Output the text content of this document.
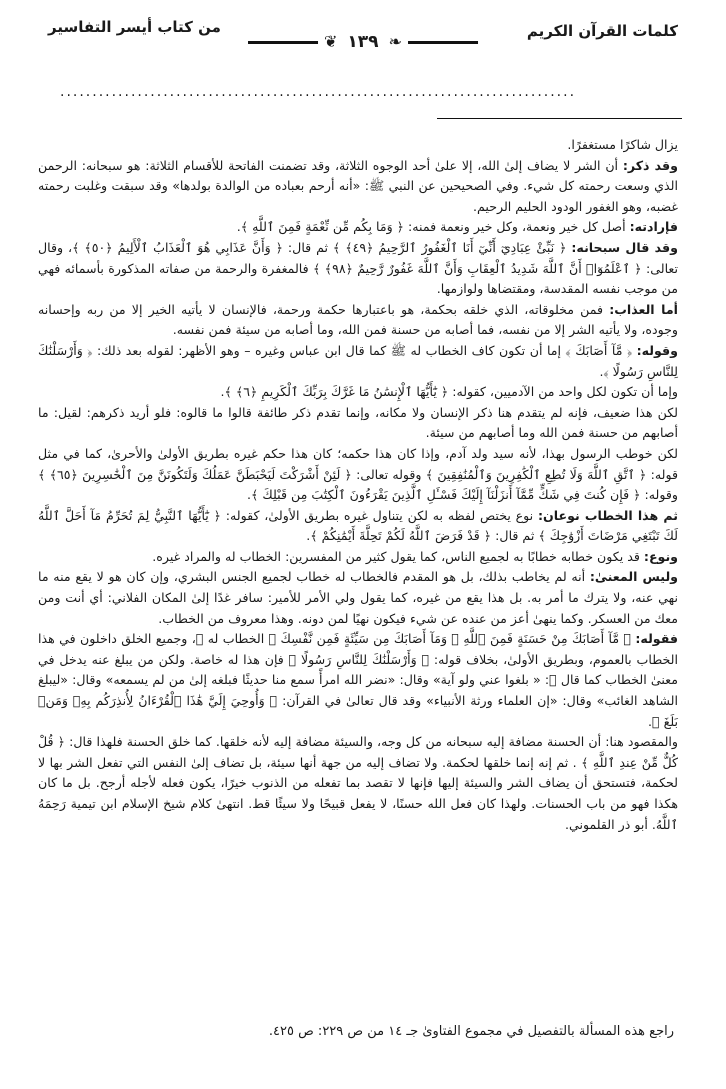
كلمات القرآن الكريم
❦ ١٣٩ ❧
من كتاب أيسر التفاسير
................................................................................

يزال شاكرًا مستغفرًا.

وقد ذكر: أن الشر لا يضاف إلىٰ الله، إلا علىٰ أحد الوجوه الثلاثة، وقد تضمنت الفاتحة للأقسام الثلاثة: هو سبحانه: الرحمن الذي وسعت رحمته كل شيء. وفي الصحيحين عن النبي ﷺ: «أنه أرحم بعباده من الوالدة بولدها» وقد سبقت وغلبت رحمته غضبه، وهو الغفور الودود الحليم الرحيم.

فإرادته: أصل كل خير ونعمة، وكل خير ونعمة فمنه: ﴿ وَمَا بِكُم مِّن نِّعْمَةٍ فَمِنَ ٱللَّهِ ﴾.

وقد قال سبحانه: ﴿ نَبِّئْ عِبَادِيٓ أَنِّيٓ أَنَا ٱلْغَفُورُ ٱلرَّحِيمُ ﴿٤٩﴾ ﴾ ثم قال: ﴿ وَأَنَّ عَذَابِي هُوَ ٱلْعَذَابُ ٱلْأَلِيمُ ﴿٥٠﴾ ﴾، وقال تعالى: ﴿ ٱعْلَمُوٓا۟ أَنَّ ٱللَّهَ شَدِيدُ ٱلْعِقَابِ وَأَنَّ ٱللَّهَ غَفُورٌ رَّحِيمٌ ﴿٩٨﴾ ﴾ فالمغفرة والرحمة من صفاته المذكورة بأسمائه فهي من موجب نفسه المقدسة، ومقتضاها ولوازمها.

أما العذاب: فمن مخلوقاته، الذي خلقه بحكمة، هو باعتبارها حكمة ورحمة، فالإنسان لا يأتيه الخير إلا من ربه وإحسانه وجوده، ولا يأتيه الشر إلا من نفسه، فما أصابه من حسنة فمن الله، وما أصابه من سيئة فمن نفسه.

وقوله: ﴿ مَّآ أَصَابَكَ ﴾ إما أن تكون كاف الخطاب له ﷺ كما قال ابن عباس وغيره – وهو الأظهر: لقوله بعد ذلك: ﴿ وَأَرْسَلْنَٰكَ لِلنَّاسِ رَسُولًا ﴾.

وإما أن تكون لكل واحد من الآدميين، كقوله: ﴿ يَٰٓأَيُّهَا ٱلْإِنسَٰنُ مَا غَرَّكَ بِرَبِّكَ ٱلْكَرِيمِ ﴿٦﴾ ﴾.

لكن هذا ضعيف، فإنه لم يتقدم هنا ذكر الإنسان ولا مكانه، وإنما تقدم ذكر طائفة قالوا ما قالوه: فلو أريد ذكرهم: لقيل: ما أصابهم من حسنة فمن الله وما أصابهم من سيئة.

لكن خوطب الرسول بهذا، لأنه سيد ولد آدم، وإذا كان هذا حكمه؛ كان هذا حكم غيره بطريق الأولىٰ والأحرىٰ، كما في مثل قوله: ﴿ ٱتَّقِ ٱللَّهَ وَلَا تُطِعِ ٱلْكَٰفِرِينَ وَٱلْمُنَٰفِقِينَ ﴾ وقوله تعالى: ﴿ لَئِنْ أَشْرَكْتَ لَيَحْبَطَنَّ عَمَلُكَ وَلَتَكُونَنَّ مِنَ ٱلْخَٰسِرِينَ ﴿٦٥﴾ ﴾ وقوله: ﴿ فَإِن كُنتَ فِي شَكٍّ مِّمَّآ أَنزَلْنَآ إِلَيْكَ فَسْـَٔلِ ٱلَّذِينَ يَقْرَءُونَ ٱلْكِتَٰبَ مِن قَبْلِكَ ﴾.

ثم هذا الخطاب نوعان: نوع يختص لفظه به لكن يتناول غيره بطريق الأولىٰ، كقوله: ﴿ يَٰٓأَيُّهَا ٱلنَّبِيُّ لِمَ تُحَرِّمُ مَآ أَحَلَّ ٱللَّهُ لَكَ تَبْتَغِي مَرْضَاتَ أَزْوَٰجِكَ ﴾ ثم قال: ﴿ قَدْ فَرَضَ ٱللَّهُ لَكُمْ تَحِلَّةَ أَيْمَٰنِكُمْ ﴾.

ونوع: قد يكون خطابه خطابًا به لجميع الناس، كما يقول كثير من المفسرين: الخطاب له والمراد غيره.

وليس المعنىٰ: أنه لم يخاطب بذلك، بل هو المقدم فالخطاب له خطاب لجميع الجنس البشري، وإن كان هو لا يقع منه ما نهي عنه، ولا يترك ما أمر به. بل هذا يقع من غيره، كما يقول ولي الأمر للأمير: سافر غدًا إلىٰ المكان الفلاني: أي أنت ومن معك من العسكر. وكما ينهىٰ أعز من عنده عن شيء فيكون نهيًا لمن دونه. وهذا معروف من الخطاب.

فقوله: ﴿ مَّآ أَصَابَكَ مِنْ حَسَنَةٍ فَمِنَ ٱللَّهِ ۖ وَمَآ أَصَابَكَ مِن سَيِّئَةٍ فَمِن نَّفْسِكَ ﴾ الخطاب له ﷺ، وجميع الخلق داخلون في هذا الخطاب بالعموم، وبطريق الأولىٰ، بخلاف قوله: ﴿ وَأَرْسَلْنَٰكَ لِلنَّاسِ رَسُولًا ﴾ فإن هذا له خاصة. ولكن من يبلغ عنه يدخل في معنىٰ الخطاب كما قال ﷺ: « بلغوا عني ولو آية» وقال: «نضر الله امرأً سمع منا حديثًا فبلغه إلىٰ من لم يسمعه» وقال: «ليبلغ الشاهد الغائب» وقال: «إن العلماء ورثة الأنبياء» وقد قال تعالىٰ في القرآن: ﴿ وَأُوحِيَ إِلَيَّ هَٰذَا ٱلْقُرْءَانُ لِأُنذِرَكُم بِهِۦ وَمَنۢ بَلَغَ ﴾.

والمقصود هنا: أن الحسنة مضافة إليه سبحانه من كل وجه، والسيئة مضافة إليه لأنه خلقها. كما خلق الحسنة فلهذا قال: ﴿ قُلْ كُلٌّ مِّنْ عِندِ ٱللَّهِ ﴾ . ثم إنه إنما خلقها لحكمة. ولا تضاف إليه من جهة أنها سيئة، بل تضاف إلىٰ النفس التي تفعل الشر بها لا لحكمة، فتستحق أن يضاف الشر والسيئة إليها فإنها لا تقصد بما تفعله من الذنوب خيرًا، يكون فعله لأجله أرجح. بل ما كان هكذا فهو من باب الحسنات. ولهذا كان فعل الله حسنًا، لا يفعل قبيحًا ولا سيئًا قط. انتهىٰ كلام شيخ الإسلام ابن تيمية رَحِمَهُ ٱللَّهُ. أبو ذر القلموني.

راجع هذه المسألة بالتفصيل في مجموع الفتاوىٰ جـ ١٤ من ص ٢٢٩: ص ٤٢٥.
